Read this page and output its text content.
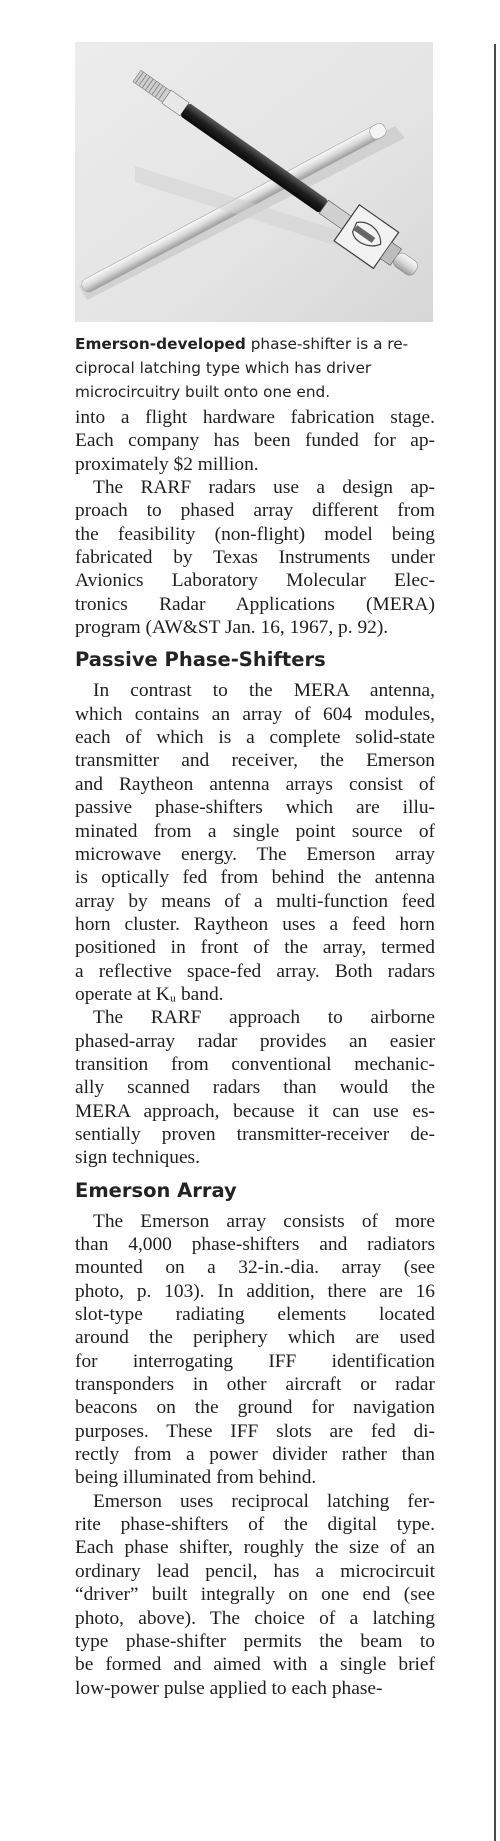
Emerson-developed phase-shifter is a re-
ciprocal latching type which has driver
microcircuitry built onto one end.
into a flight hardware fabrication stage.
Each company has been funded for ap-
proximately $2 million.
The RARF radars use a design ap-
proach to phased array different from
the feasibility (non-flight) model being
fabricated by Texas Instruments under
Avionics Laboratory Molecular Elec-
tronics Radar Applications (MERA)
program (AW&ST Jan. 16, 1967, p. 92).
Passive Phase-Shifters
In contrast to the MERA antenna,
which contains an array of 604 modules,
each of which is a complete solid-state
transmitter and receiver, the Emerson
and Raytheon antenna arrays consist of
passive phase-shifters which are illu-
minated from a single point source of
microwave energy. The Emerson array
is optically fed from behind the antenna
array by means of a multi-function feed
horn cluster. Raytheon uses a feed horn
positioned in front of the array, termed
a reflective space-fed array. Both radars
operate at Kᵤ band.
The RARF approach to airborne
phased-array radar provides an easier
transition from conventional mechanic-
ally scanned radars than would the
MERA approach, because it can use es-
sentially proven transmitter-receiver de-
sign techniques.
Emerson Array
The Emerson array consists of more
than 4,000 phase-shifters and radiators
mounted on a 32-in.-dia. array (see
photo, p. 103). In addition, there are 16
slot-type radiating elements located
around the periphery which are used
for interrogating IFF identification
transponders in other aircraft or radar
beacons on the ground for navigation
purposes. These IFF slots are fed di-
rectly from a power divider rather than
being illuminated from behind.
Emerson uses reciprocal latching fer-
rite phase-shifters of the digital type.
Each phase shifter, roughly the size of an
ordinary lead pencil, has a microcircuit
“driver” built integrally on one end (see
photo, above). The choice of a latching
type phase-shifter permits the beam to
be formed and aimed with a single brief
low-power pulse applied to each phase-
